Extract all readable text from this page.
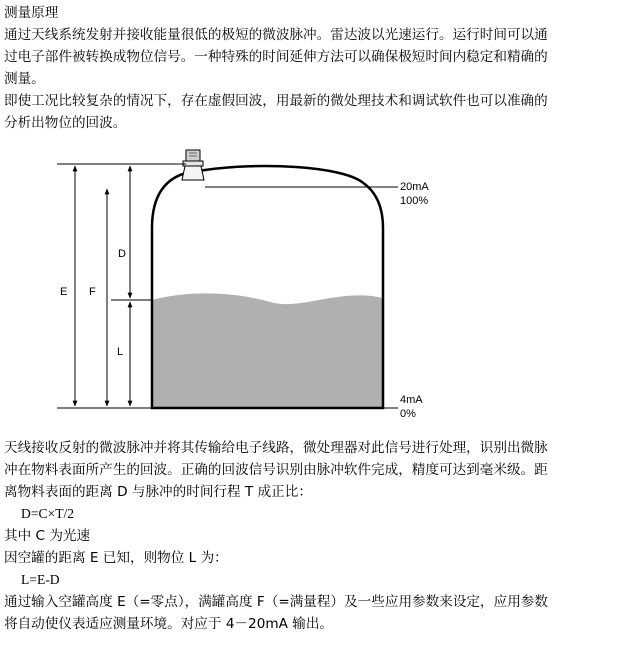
测量原理
通过天线系统发射并接收能量很低的极短的微波脉冲。雷达波以光速运行。运行时间可以通
过电子部件被转换成物位信号。一种特殊的时间延伸方法可以确保极短时间内稳定和精确的
测量。
即使工况比较复杂的情况下，存在虚假回波，用最新的微处理技术和调试软件也可以准确的
分析出物位的回波。
E F
D
L
20mA
100%
4mA
0%
天线接收反射的微波脉冲并将其传输给电子线路，微处理器对此信号进行处理，识别出微脉
冲在物料表面所产生的回波。正确的回波信号识别由脉冲软件完成，精度可达到毫米级。距
离物料表面的距离 D 与脉冲的时间行程 T 成正比：
D=C×T/2
其中 C 为光速
因空罐的距离 E 已知，则物位 L 为：
L=E-D
通过输入空罐高度 E（=零点），满罐高度 F（=满量程）及一些应用参数来设定，应用参数
将自动使仪表适应测量环境。对应于 4－20mA 输出。
